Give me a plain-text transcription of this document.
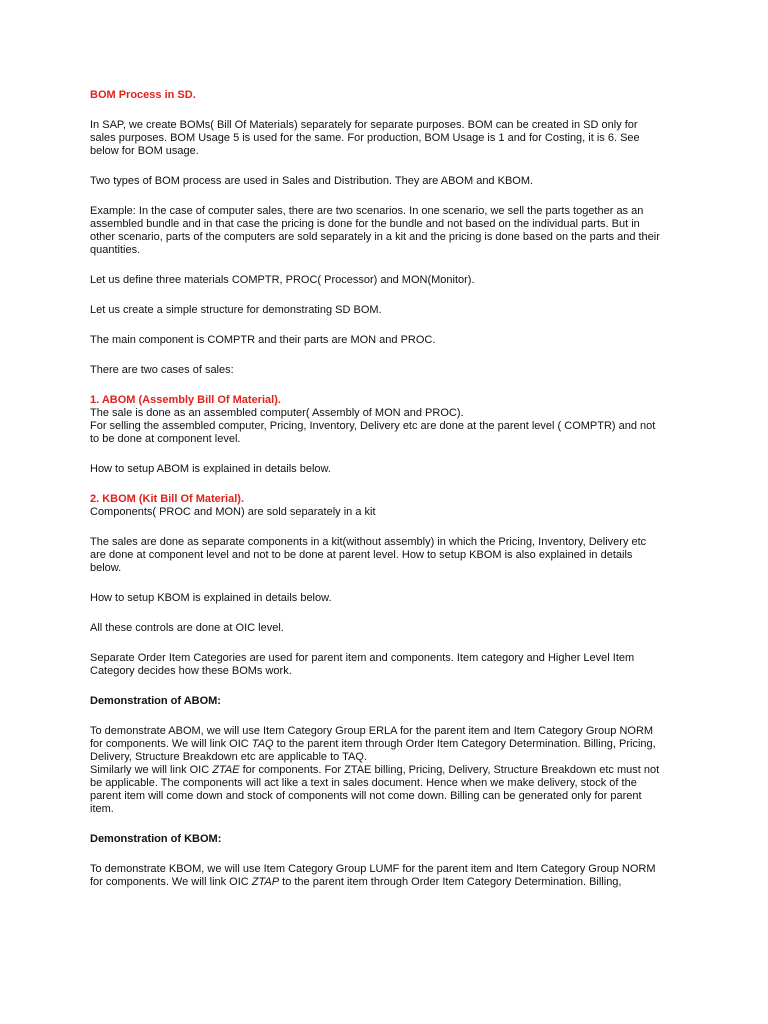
BOM Process in SD.

In SAP, we create BOMs( Bill Of Materials) separately for separate purposes. BOM can be created in SD only for
sales purposes. BOM Usage 5 is used for the same. For production, BOM Usage is 1 and for Costing, it is 6. See
below for BOM usage.

Two types of BOM process are used in Sales and Distribution. They are ABOM and KBOM.

Example: In the case of computer sales, there are two scenarios. In one scenario, we sell the parts together as an
assembled bundle and in that case the pricing is done for the bundle and not based on the individual parts. But in
other scenario, parts of the computers are sold separately in a kit and the pricing is done based on the parts and their
quantities.

Let us define three materials COMPTR, PROC( Processor) and MON(Monitor).

Let us create a simple structure for demonstrating SD BOM.

The main component is COMPTR and their parts are MON and PROC.

There are two cases of sales:

1. ABOM (Assembly Bill Of Material).

The sale is done as an assembled computer( Assembly of MON and PROC).
For selling the assembled computer, Pricing, Inventory, Delivery etc are done at the parent level ( COMPTR) and not
to be done at component level.

How to setup ABOM is explained in details below.

2. KBOM (Kit Bill Of Material).

Components( PROC and MON) are sold separately in a kit

The sales are done as separate components in a kit(without assembly) in which the Pricing, Inventory, Delivery etc
are done at component level and not to be done at parent level. How to setup KBOM is also explained in details
below.

How to setup KBOM is explained in details below.

All these controls are done at OIC level.

Separate Order Item Categories are used for parent item and components. Item category and Higher Level Item
Category decides how these BOMs work.

Demonstration of ABOM:

To demonstrate ABOM, we will use Item Category Group ERLA for the parent item and Item Category Group NORM
for components. We will link OIC TAQ to the parent item through Order Item Category Determination. Billing, Pricing,
Delivery, Structure Breakdown etc are applicable to TAQ.
Similarly we will link OIC ZTAE for components. For ZTAE billing, Pricing, Delivery, Structure Breakdown etc must not
be applicable. The components will act like a text in sales document. Hence when we make delivery, stock of the
parent item will come down and stock of components will not come down. Billing can be generated only for parent
item.

Demonstration of KBOM:

To demonstrate KBOM, we will use Item Category Group LUMF for the parent item and Item Category Group NORM
for components. We will link OIC ZTAP to the parent item through Order Item Category Determination. Billing,
